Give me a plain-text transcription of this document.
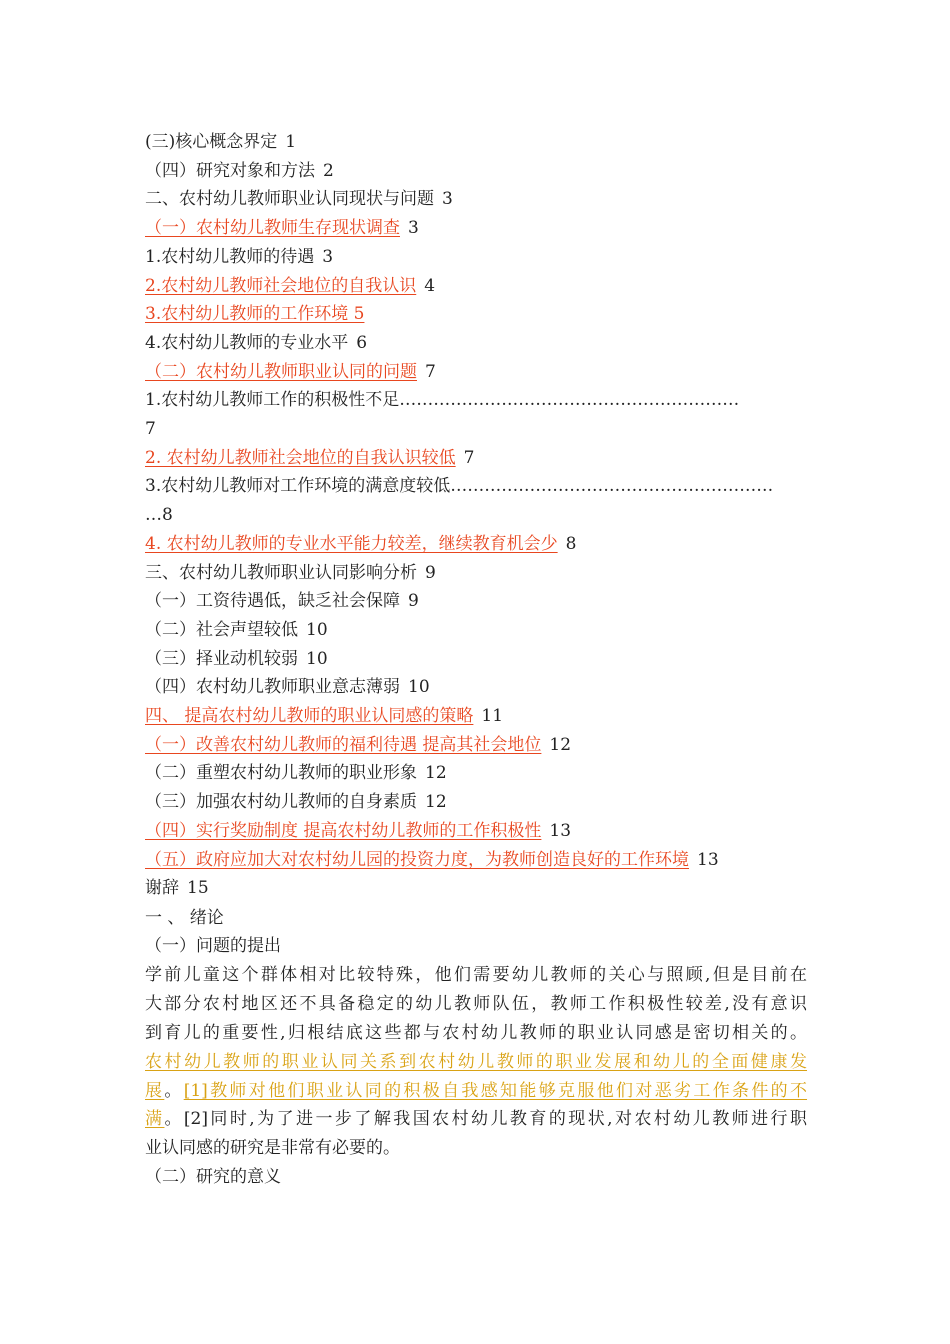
(三)核心概念界定 1
（四）研究对象和方法 2
二、农村幼儿教师职业认同现状与问题 3
（一）农村幼儿教师生存现状调查 3
1.农村幼儿教师的待遇 3
2.农村幼儿教师社会地位的自我认识 4
3.农村幼儿教师的工作环境 5
4.农村幼儿教师的专业水平 6
（二）农村幼儿教师职业认同的问题 7
1.农村幼儿教师工作的积极性不足……………………………………………………
7
2. 农村幼儿教师社会地位的自我认识较低 7
3.农村幼儿教师对工作环境的满意度较低…………………………………………………
…8
4. 农村幼儿教师的专业水平能力较差，继续教育机会少 8
三、农村幼儿教师职业认同影响分析 9
（一）工资待遇低，缺乏社会保障 9
（二）社会声望较低 10
（三）择业动机较弱 10
（四）农村幼儿教师职业意志薄弱 10
四、 提高农村幼儿教师的职业认同感的策略 11
（一）改善农村幼儿教师的福利待遇 提高其社会地位 12
（二）重塑农村幼儿教师的职业形象 12
（三）加强农村幼儿教师的自身素质 12
（四）实行奖励制度 提高农村幼儿教师的工作积极性 13
（五）政府应加大对农村幼儿园的投资力度，为教师创造良好的工作环境 13
谢辞 15
一 、 绪论
（一）问题的提出
学前儿童这个群体相对比较特殊，他们需要幼儿教师的关心与照顾,但是目前在
大部分农村地区还不具备稳定的幼儿教师队伍，教师工作积极性较差,没有意识
到育儿的重要性,归根结底这些都与农村幼儿教师的职业认同感是密切相关的。
农村幼儿教师的职业认同关系到农村幼儿教师的职业发展和幼儿的全面健康发
展。[1]教师对他们职业认同的积极自我感知能够克服他们对恶劣工作条件的不
满。[2]同时,为了进一步了解我国农村幼儿教育的现状,对农村幼儿教师进行职
业认同感的研究是非常有必要的。
（二）研究的意义
